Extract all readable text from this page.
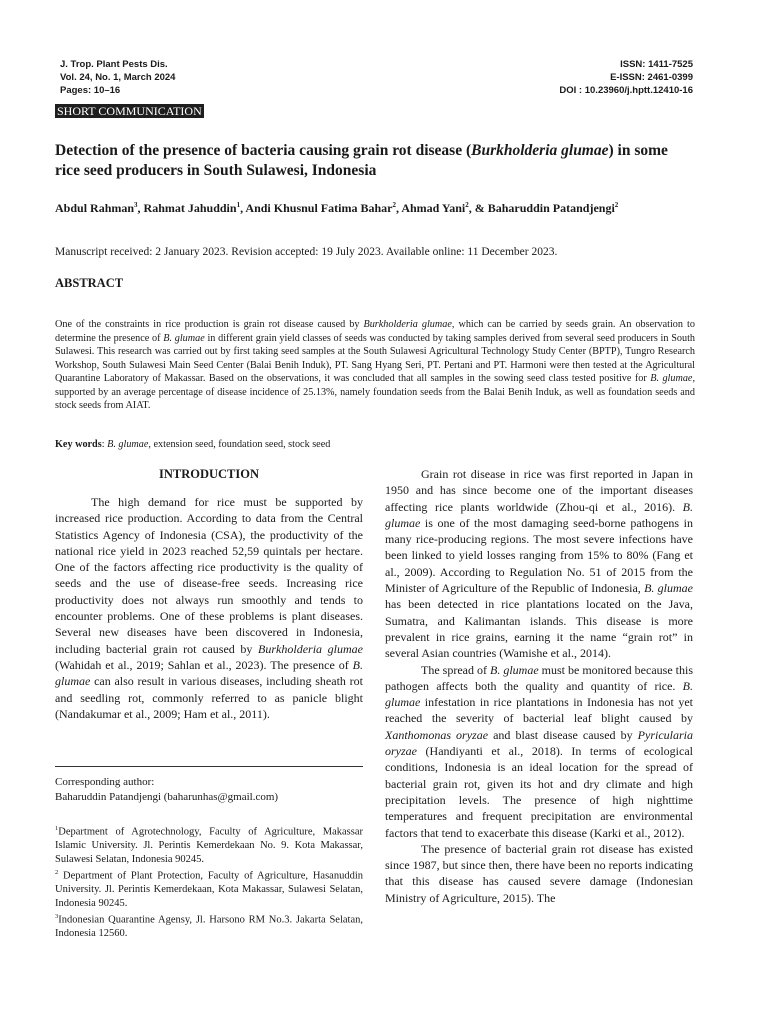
J. Trop. Plant Pests Dis.
Vol. 24, No. 1, March 2024
Pages: 10–16
ISSN: 1411-7525
E-ISSN: 2461-0399
DOI : 10.23960/j.hptt.12410-16
SHORT COMMUNICATION
Detection of the presence of bacteria causing grain rot disease (Burkholderia glumae) in some rice seed producers in South Sulawesi, Indonesia
Abdul Rahman$^3$, Rahmat Jahuddin$^1$, Andi Khusnul Fatima Bahar$^2$, Ahmad Yani$^2$, & Baharuddin Patandjengi$^2$
Manuscript received: 2 January 2023. Revision accepted: 19 July 2023. Available online: 11 December 2023.
ABSTRACT
One of the constraints in rice production is grain rot disease caused by Burkholderia glumae, which can be carried by seeds grain. An observation to determine the presence of B. glumae in different grain yield classes of seeds was conducted by taking samples derived from several seed producers in South Sulawesi. This research was carried out by first taking seed samples at the South Sulawesi Agricultural Technology Study Center (BPTP), Tungro Research Workshop, South Sulawesi Main Seed Center (Balai Benih Induk), PT. Sang Hyang Seri, PT. Pertani and PT. Harmoni were then tested at the Agricultural Quarantine Laboratory of Makassar. Based on the observations, it was concluded that all samples in the sowing seed class tested positive for B. glumae, supported by an average percentage of disease incidence of 25.13%, namely foundation seeds from the Balai Benih Induk, as well as foundation seeds and stock seeds from AIAT.
Key words: B. glumae, extension seed, foundation seed, stock seed
INTRODUCTION

The high demand for rice must be supported by increased rice production. According to data from the Central Statistics Agency of Indonesia (CSA), the productivity of the national rice yield in 2023 reached 52,59 quintals per hectare. One of the factors affecting rice productivity is the quality of seeds and the use of disease-free seeds. Increasing rice productivity does not always run smoothly and tends to encounter problems. One of these problems is plant diseases. Several new diseases have been discovered in Indonesia, including bacterial grain rot caused by Burkholderia glumae (Wahidah et al., 2019; Sahlan et al., 2023). The presence of B. glumae can also result in various diseases, including sheath rot and seedling rot, commonly referred to as panicle blight (Nandakumar et al., 2009; Ham et al., 2011).

Corresponding author:
Baharuddin Patandjengi (baharunhas@gmail.com)

$^1$Department of Agrotechnology, Faculty of Agriculture, Makassar Islamic University. Jl. Perintis Kemerdekaan No. 9. Kota Makassar, Sulawesi Selatan, Indonesia 90245.

$^2$ Department of Plant Protection, Faculty of Agriculture, Hasanuddin University. Jl. Perintis Kemerdekaan, Kota Makassar, Sulawesi Selatan, Indonesia 90245.

$^3$Indonesian Quarantine Agensy, Jl. Harsono RM No.3. Jakarta Selatan, Indonesia 12560.

Grain rot disease in rice was first reported in Japan in 1950 and has since become one of the important diseases affecting rice plants worldwide (Zhou-qi et al., 2016). B. glumae is one of the most damaging seed-borne pathogens in many rice-producing regions. The most severe infections have been linked to yield losses ranging from 15% to 80% (Fang et al., 2009). According to Regulation No. 51 of 2015 from the Minister of Agriculture of the Republic of Indonesia, B. glumae has been detected in rice plantations located on the Java, Sumatra, and Kalimantan islands. This disease is more prevalent in rice grains, earning it the name “grain rot” in several Asian countries (Wamishe et al., 2014).

The spread of B. glumae must be monitored because this pathogen affects both the quality and quantity of rice. B. glumae infestation in rice plantations in Indonesia has not yet reached the severity of bacterial leaf blight caused by Xanthomonas oryzae and blast disease caused by Pyricularia oryzae (Handiyanti et al., 2018). In terms of ecological conditions, Indonesia is an ideal location for the spread of bacterial grain rot, given its hot and dry climate and high precipitation levels. The presence of high nighttime temperatures and frequent precipitation are environmental factors that tend to exacerbate this disease (Karki et al., 2012).

The presence of bacterial grain rot disease has existed since 1987, but since then, there have been no reports indicating that this disease has caused severe damage (Indonesian Ministry of Agriculture, 2015). The
